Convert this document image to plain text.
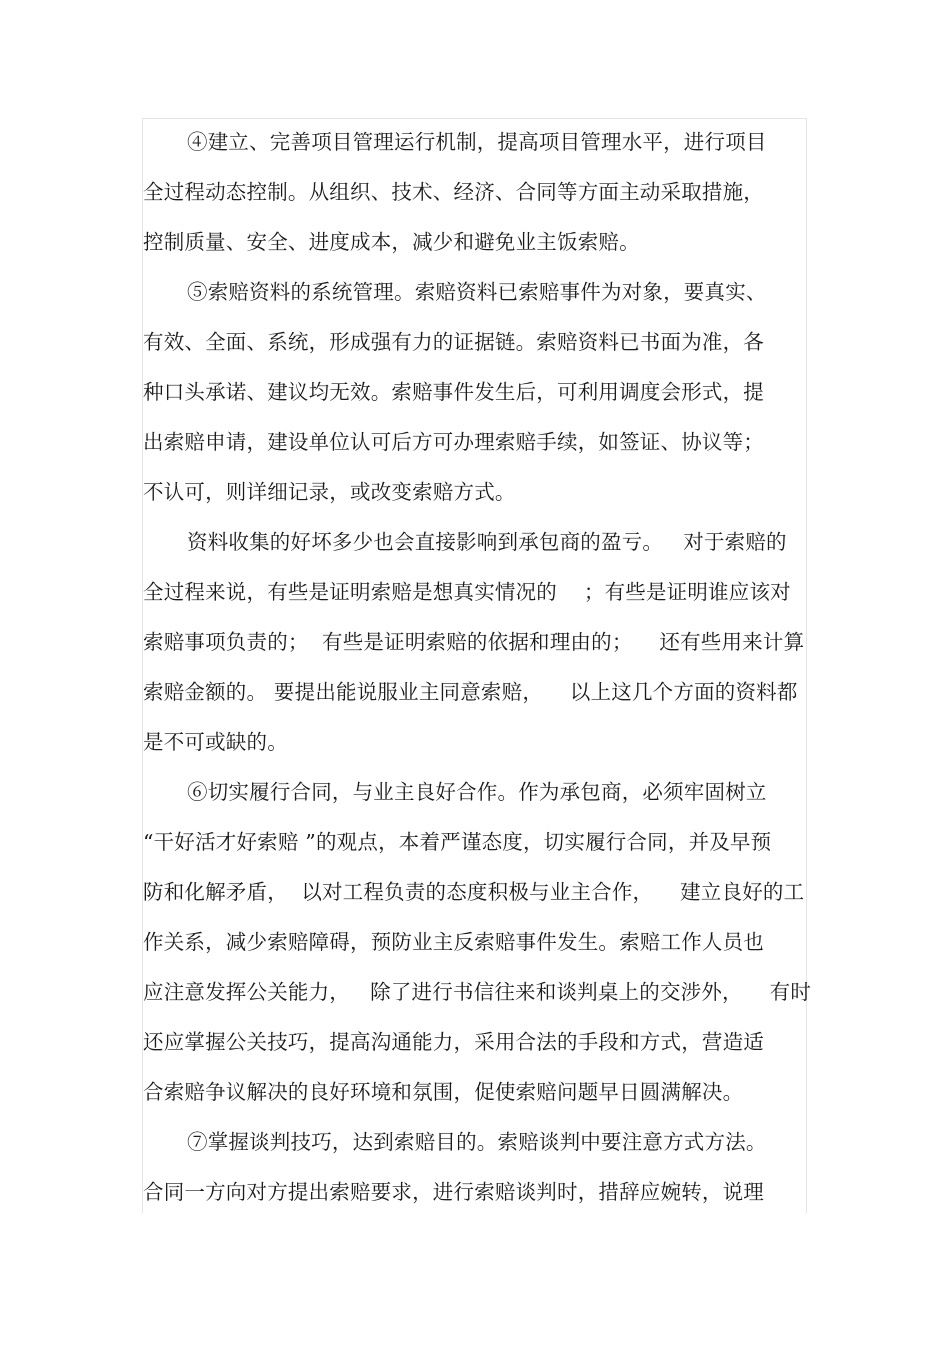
④建立、完善项目管理运行机制，提高项目管理水平，进行项目
全过程动态控制。从组织、技术、经济、合同等方面主动采取措施，
控制质量、安全、进度成本，减少和避免业主饭索赔。
⑤索赔资料的系统管理。索赔资料已索赔事件为对象，要真实、
有效、全面、系统，形成强有力的证据链。索赔资料已书面为准，各
种口头承诺、建议均无效。索赔事件发生后，可利用调度会形式，提
出索赔申请，建设单位认可后方可办理索赔手续，如签证、协议等；
不认可，则详细记录，或改变索赔方式。
资料收集的好坏多少也会直接影响到承包商的盈亏。   对于索赔的
全过程来说，有些是证明索赔是想真实情况的    ；有些是证明谁应该对
索赔事项负责的；  有些是证明索赔的依据和理由的；    还有些用来计算
索赔金额的。 要提出能说服业主同意索赔，    以上这几个方面的资料都
是不可或缺的。
⑥切实履行合同，与业主良好合作。作为承包商，必须牢固树立
“干好活才好索赔 ”的观点，本着严谨态度，切实履行合同，并及早预
防和化解矛盾，  以对工程负责的态度积极与业主合作，    建立良好的工
作关系，减少索赔障碍，预防业主反索赔事件发生。索赔工作人员也
应注意发挥公关能力，   除了进行书信往来和谈判桌上的交涉外，    有时
还应掌握公关技巧，提高沟通能力，采用合法的手段和方式，营造适
合索赔争议解决的良好环境和氛围，促使索赔问题早日圆满解决。
⑦掌握谈判技巧，达到索赔目的。索赔谈判中要注意方式方法。
合同一方向对方提出索赔要求，进行索赔谈判时，措辞应婉转，说理
